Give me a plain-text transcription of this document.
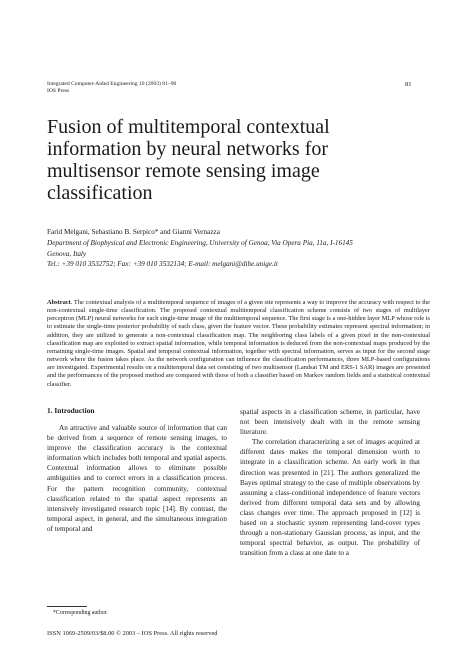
Integrated Computer-Aided Engineering 10 (2003) 81–90
IOS Press
81
Fusion of multitemporal contextual
information by neural networks for
multisensor remote sensing image
classification
Farid Melgani, Sebastiano B. Serpico* and Gianni Vernazza
Department of Biophysical and Electronic Engineering, University of Genoa, Via Opera Pia, 11a, I-16145
Genova, Italy
Tel.: +39 010 3532752; Fax: +39 010 3532134; E-mail: melgani@dibe.unige.it

Abstract. The contextual analysis of a multitemporal sequence of images of a given site represents a way to improve the accuracy with respect to the non-contextual single-time classification. The proposed contextual multitemporal classification scheme consists of two stages of multilayer perceptron (MLP) neural networks for each single-time image of the multitemporal sequence. The first stage is a one-hidden layer MLP whose role is to estimate the single-time posterior probability of each class, given the feature vector. These probability estimates represent spectral information; in addition, they are utilized to generate a non-contextual classification map. The neighboring class labels of a given pixel in the non-contextual classification map are exploited to extract spatial information, while temporal information is deduced from the non-contextual maps produced by the remaining single-time images. Spatial and temporal contextual information, together with spectral information, serves as input for the second stage network where the fusion takes place. As the network configuration can influence the classification performances, three MLP-based configurations are investigated. Experimental results on a multitemporal data set consisting of two multisensor (Landsat TM and ERS-1 SAR) images are presented and the performances of the proposed method are compared with those of both a classifier based on Markov random fields and a statistical contextual classifier.

1. Introduction

An attractive and valuable source of information that can be derived from a sequence of remote sensing images, to improve the classification accuracy is the contextual information which includes both temporal and spatial aspects. Contextual information allows to eliminate possible ambiguities and to correct errors in a classification process. For the pattern recognition community, contextual classification related to the spatial aspect represents an intensively investigated research topic [14]. By contrast, the temporal aspect, in general, and the simultaneous integration of temporal and

spatial aspects in a classification scheme, in particular, have not been intensively dealt with in the remote sensing literature.

The correlation characterizing a set of images acquired at different dates makes the temporal dimension worth to integrate in a classification scheme. An early work in that direction was presented in [21]. The authors generalized the Bayes optimal strategy to the case of multiple observations by assuming a class-conditional independence of feature vectors derived from different temporal data sets and by allowing class changes over time. The approach proposed in [12] is based on a stochastic system representing land-cover types through a non-stationary Gaussian process, as input, and the temporal spectral behavior, as output. The probability of transition from a class at one date to a

*Corresponding author.
ISSN 1069-2509/03/$8.00 © 2003 – IOS Press. All rights reserved
